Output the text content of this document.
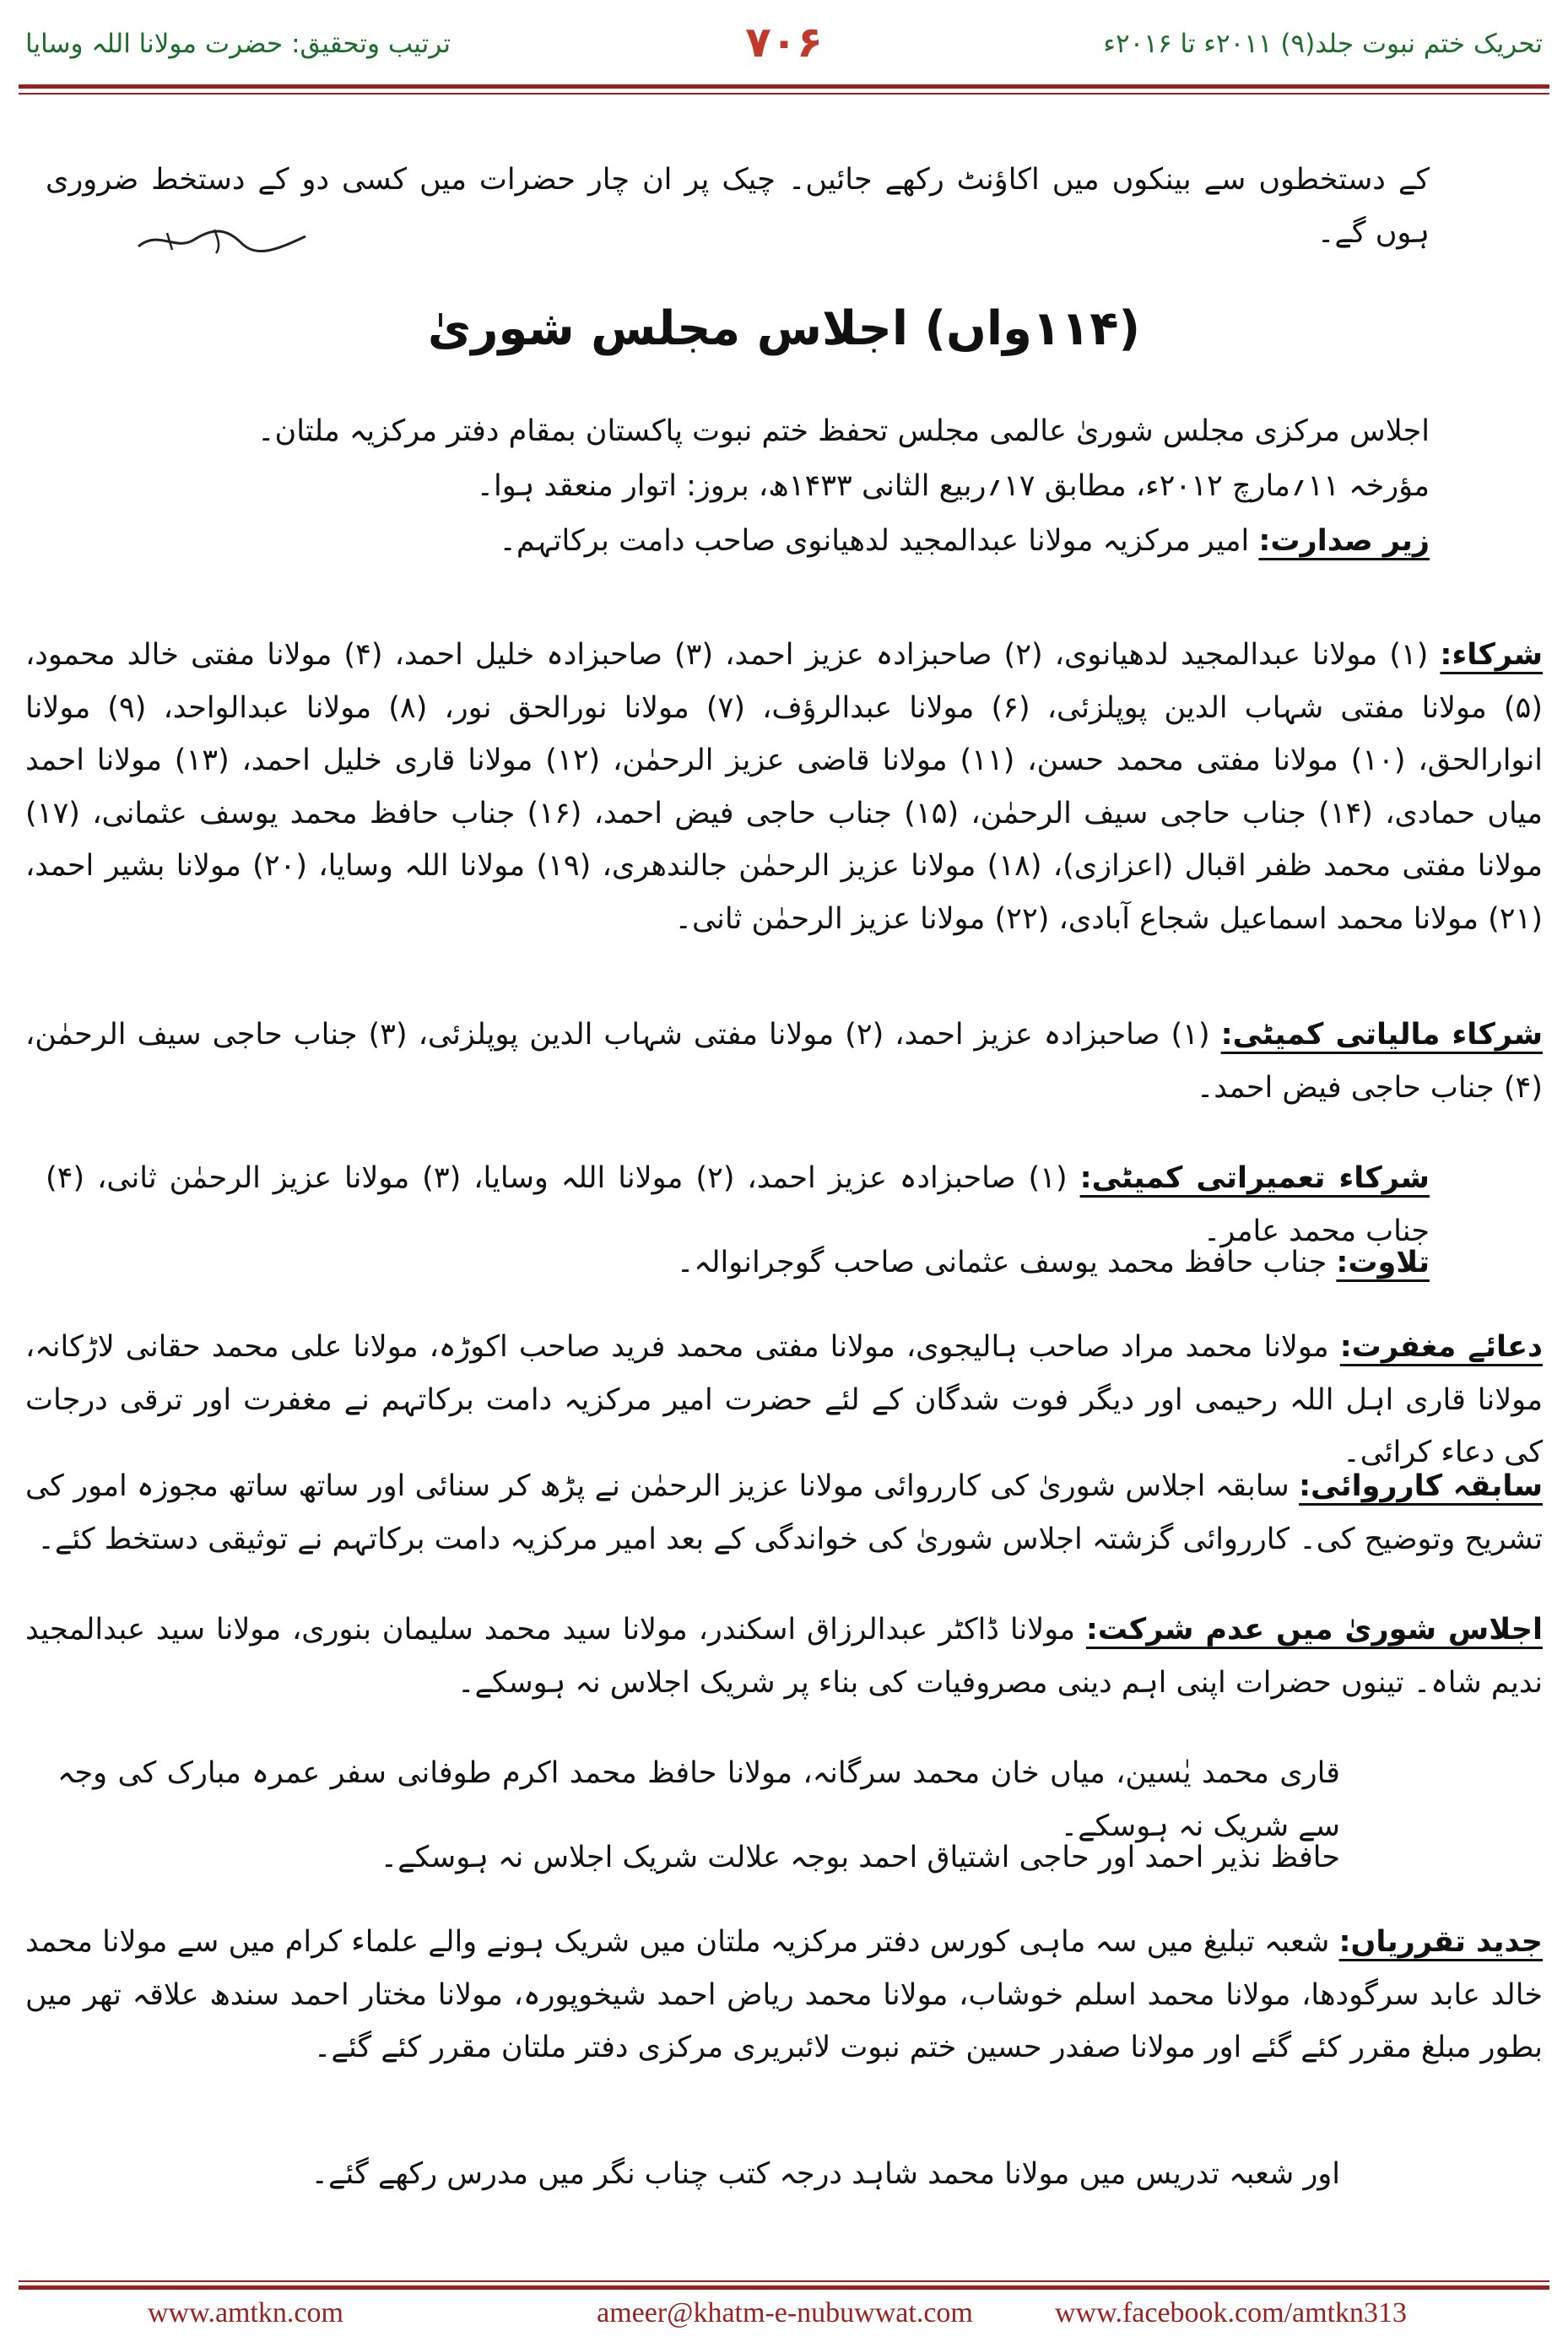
تحریک ختم نبوت جلد(۹) ۲۰۱۱ء تا ۲۰۱۶ء
۷۰۶
ترتیب وتحقیق: حضرت مولانا اللہ وسایا
کے دستخطوں سے بینکوں میں اکاؤنٹ رکھے جائیں۔ چیک پر ان چار حضرات میں کسی دو کے دستخط ضروری ہوں گے۔
(۱۱۴واں) اجلاس مجلس شوریٰ
اجلاس مرکزی مجلس شوریٰ عالمی مجلس تحفظ ختم نبوت پاکستان بمقام دفتر مرکزیہ ملتان۔
مؤرخہ ۱۱؍مارچ ۲۰۱۲ء، مطابق ۱۷؍ربیع الثانی ۱۴۳۳ھ، بروز: اتوار منعقد ہوا۔
زیر صدارت: امیر مرکزیہ مولانا عبدالمجید لدھیانوی صاحب دامت برکاتہم۔
شرکاء: (۱) مولانا عبدالمجید لدھیانوی، (۲) صاحبزادہ عزیز احمد، (۳) صاحبزادہ خلیل احمد، (۴) مولانا مفتی خالد محمود، (۵) مولانا مفتی شہاب الدین پوپلزئی، (۶) مولانا عبدالرؤف، (۷) مولانا نورالحق نور، (۸) مولانا عبدالواحد، (۹) مولانا انوارالحق، (۱۰) مولانا مفتی محمد حسن، (۱۱) مولانا قاضی عزیز الرحمٰن، (۱۲) مولانا قاری خلیل احمد، (۱۳) مولانا احمد میاں حمادی، (۱۴) جناب حاجی سیف الرحمٰن، (۱۵) جناب حاجی فیض احمد، (۱۶) جناب حافظ محمد یوسف عثمانی، (۱۷) مولانا مفتی محمد ظفر اقبال (اعزازی)، (۱۸) مولانا عزیز الرحمٰن جالندھری، (۱۹) مولانا اللہ وسایا، (۲۰) مولانا بشیر احمد، (۲۱) مولانا محمد اسماعیل شجاع آبادی، (۲۲) مولانا عزیز الرحمٰن ثانی۔
شرکاء مالیاتی کمیٹی: (۱) صاحبزادہ عزیز احمد، (۲) مولانا مفتی شہاب الدین پوپلزئی، (۳) جناب حاجی سیف الرحمٰن، (۴) جناب حاجی فیض احمد۔
شرکاء تعمیراتی کمیٹی: (۱) صاحبزادہ عزیز احمد، (۲) مولانا اللہ وسایا، (۳) مولانا عزیز الرحمٰن ثانی، (۴) جناب محمد عامر۔
تلاوت: جناب حافظ محمد یوسف عثمانی صاحب گوجرانوالہ۔
دعائے مغفرت: مولانا محمد مراد صاحب ہالیجوی، مولانا مفتی محمد فرید صاحب اکوڑہ، مولانا علی محمد حقانی لاڑکانہ، مولانا قاری اہل اللہ رحیمی اور دیگر فوت شدگان کے لئے حضرت امیر مرکزیہ دامت برکاتہم نے مغفرت اور ترقی درجات کی دعاء کرائی۔
سابقہ کارروائی: سابقہ اجلاس شوریٰ کی کارروائی مولانا عزیز الرحمٰن نے پڑھ کر سنائی اور ساتھ ساتھ مجوزہ امور کی تشریح وتوضیح کی۔ کارروائی گزشتہ اجلاس شوریٰ کی خواندگی کے بعد امیر مرکزیہ دامت برکاتہم نے توثیقی دستخط کئے۔
اجلاس شوریٰ میں عدم شرکت: مولانا ڈاکٹر عبدالرزاق اسکندر، مولانا سید محمد سلیمان بنوری، مولانا سید عبدالمجید ندیم شاہ۔ تینوں حضرات اپنی اہم دینی مصروفیات کی بناء پر شریک اجلاس نہ ہوسکے۔
قاری محمد یٰسین، میاں خان محمد سرگانہ، مولانا حافظ محمد اکرم طوفانی سفر عمرہ مبارک کی وجہ سے شریک نہ ہوسکے۔
حافظ نذیر احمد اور حاجی اشتیاق احمد بوجہ علالت شریک اجلاس نہ ہوسکے۔
جدید تقرریاں: شعبہ تبلیغ میں سہ ماہی کورس دفتر مرکزیہ ملتان میں شریک ہونے والے علماء کرام میں سے مولانا محمد خالد عابد سرگودھا، مولانا محمد اسلم خوشاب، مولانا محمد ریاض احمد شیخوپورہ، مولانا مختار احمد سندھ علاقہ تھر میں بطور مبلغ مقرر کئے گئے اور مولانا صفدر حسین ختم نبوت لائبریری مرکزی دفتر ملتان مقرر کئے گئے۔
اور شعبہ تدریس میں مولانا محمد شاہد درجہ کتب چناب نگر میں مدرس رکھے گئے۔
www.amtkn.com	ameer@khatm-e-nubuwwat.com	www.facebook.com/amtkn313
